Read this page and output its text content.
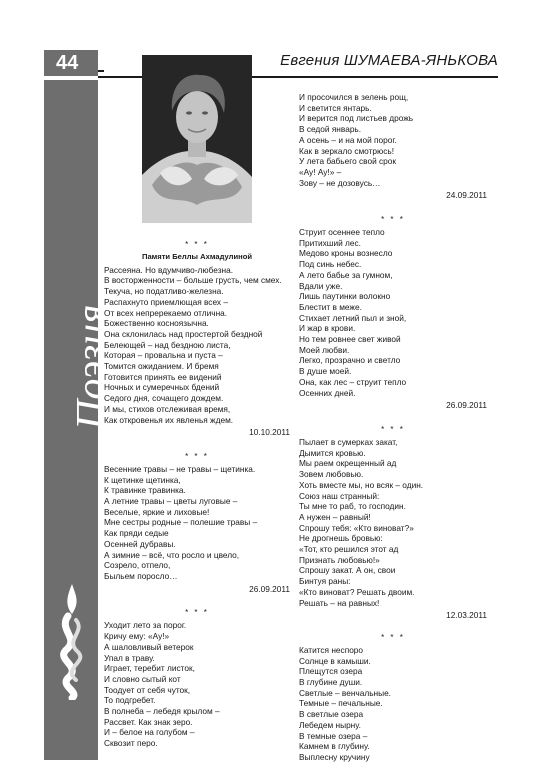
44	Евгения ШУМАЕВА-ЯНЬКОВА
Поэзия
* * *
Памяти Беллы Ахмадулиной
Рассеяна. Но вдумчиво-любезна.
В восторженности – больше грусть, чем смех.
Текуча, но податливо-железна.
Распахнуто приемлющая всех –
От всех непререкаемо отлична.
Божественно косноязычна.
Она склонилась над простертой бездной
Белеющей – над бездною листа,
Которая – провальна и пуста –
Томится ожиданием. И бремя
Готовится принять ее видений
Ночных и сумеречных бдений
Седого дня, сочащего дождем.
И мы, стихов отслеживая время,
Как откровенья их явленья ждем.
10.10.2011
* * *
Весенние травы – не травы – щетинка.
К щетинке щетинка,
К травинке травинка.
А летние травы – цветы луговые –
Веселые, яркие и лиховые!
Мне сестры родные – полешие травы –
Как пряди седые
Осенней дубравы.
А зимние – всё, что росло и цвело,
Созрело, отпело,
Быльем поросло…
26.09.2011
* * *
Уходит лето за порог.
Кричу ему: «Ау!»
А шаловливый ветерок
Упал в траву.
Играет, теребит листок,
И словно сытый кот
Тоодует от себя чуток,
То подгребет.
В полнеба – лебедя крылом –
Рассвет. Как знак зеро.
И – белое на голубом –
Сквозит перо.
И просочился в зелень рощ,
И светится янтарь.
И верится под листьев дрожь
В седой январь.
А осень – и на мой порог.
Как в зеркало смотрюсь!
У лета бабьего свой срок
«Ау! Ау!» –
Зову – не дозовусь…
24.09.2011
* * *
Струит осеннее тепло
Притихший лес.
Медово кроны вознесло
Под синь небес.
А лето бабье за гумном,
Вдали уже.
Лишь паутинки волокно
Блестит в меже.
Стихает летний пыл и зной,
И жар в крови.
Но тем ровнее свет живой
Моей любви.
Легко, прозрачно и светло
В душе моей.
Она, как лес – струит тепло
Осенних дней.
26.09.2011
* * *
Пылает в сумерках закат,
Дымится кровью.
Мы раем окрещенный ад
Зовем любовью.
Хоть вместе мы, но всяк – один.
Союз наш странный:
Ты мне то раб, то господин.
А нужен – равный!
Спрошу тебя: «Кто виноват?»
Не дрогнешь бровью:
«Тот, кто решился этот ад
Признать любовью!»
Спрошу закат. А он, свои
Бинтуя раны:
«Кто виноват? Решать двоим.
Решать – на равных!
12.03.2011
* * *
Катится неспоро
Солнце в камыши.
Плещутся озера
В глубине души.
Светлые – венчальные.
Темные – печальные.
В светлые озера
Лебедем нырну.
В темные озера –
Камнем в глубину.
Выплеснy кручину
